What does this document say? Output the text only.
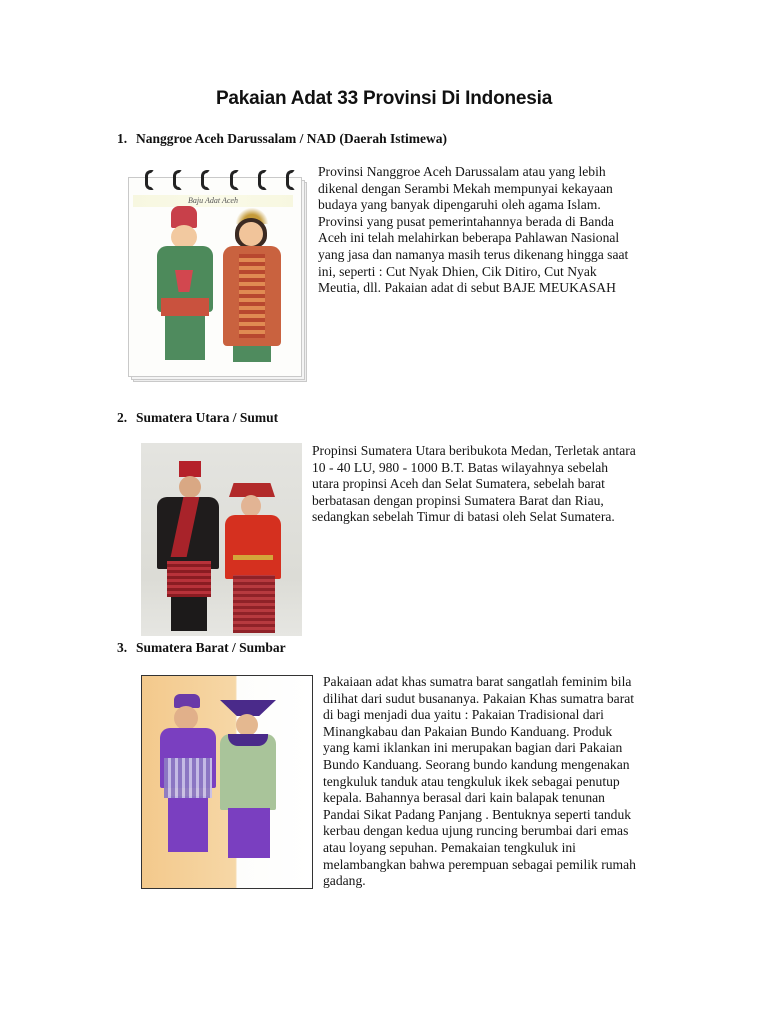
Pakaian Adat 33 Provinsi Di Indonesia
1. Nanggroe Aceh Darussalam / NAD (Daerah Istimewa)
Baju Adat Aceh

Provinsi Nanggroe Aceh Darussalam atau yang lebih
dikenal dengan Serambi Mekah mempunyai kekayaan
budaya yang banyak dipengaruhi oleh agama Islam.
Provinsi yang pusat pemerintahannya berada di Banda
Aceh ini telah melahirkan beberapa Pahlawan Nasional
yang jasa dan namanya masih terus dikenang hingga saat
ini, seperti : Cut Nyak Dhien, Cik Ditiro, Cut Nyak
Meutia, dll. Pakaian adat di sebut BAJE MEUKASAH

2. Sumatera Utara / Sumut

Propinsi Sumatera Utara beribukota Medan, Terletak antara
10 - 40 LU, 980 - 1000 B.T. Batas wilayahnya sebelah
utara propinsi Aceh dan Selat Sumatera, sebelah barat
berbatasan dengan propinsi Sumatera Barat dan Riau,
sedangkan sebelah Timur di batasi oleh Selat Sumatera.

3. Sumatera Barat / Sumbar

Pakaiaan adat khas sumatra barat sangatlah feminim bila
dilihat dari sudut busananya. Pakaian Khas sumatra barat
di bagi menjadi dua yaitu : Pakaian Tradisional dari
Minangkabau dan Pakaian Bundo Kanduang. Produk
yang kami iklankan ini merupakan bagian dari Pakaian
Bundo Kanduang. Seorang bundo kandung mengenakan
tengkuluk tanduk atau tengkuluk ikek sebagai penutup
kepala. Bahannya berasal dari kain balapak tenunan
Pandai Sikat Padang Panjang . Bentuknya seperti tanduk
kerbau dengan kedua ujung runcing berumbai dari emas
atau loyang sepuhan. Pemakaian tengkuluk ini
melambangkan bahwa perempuan sebagai pemilik rumah
gadang.
